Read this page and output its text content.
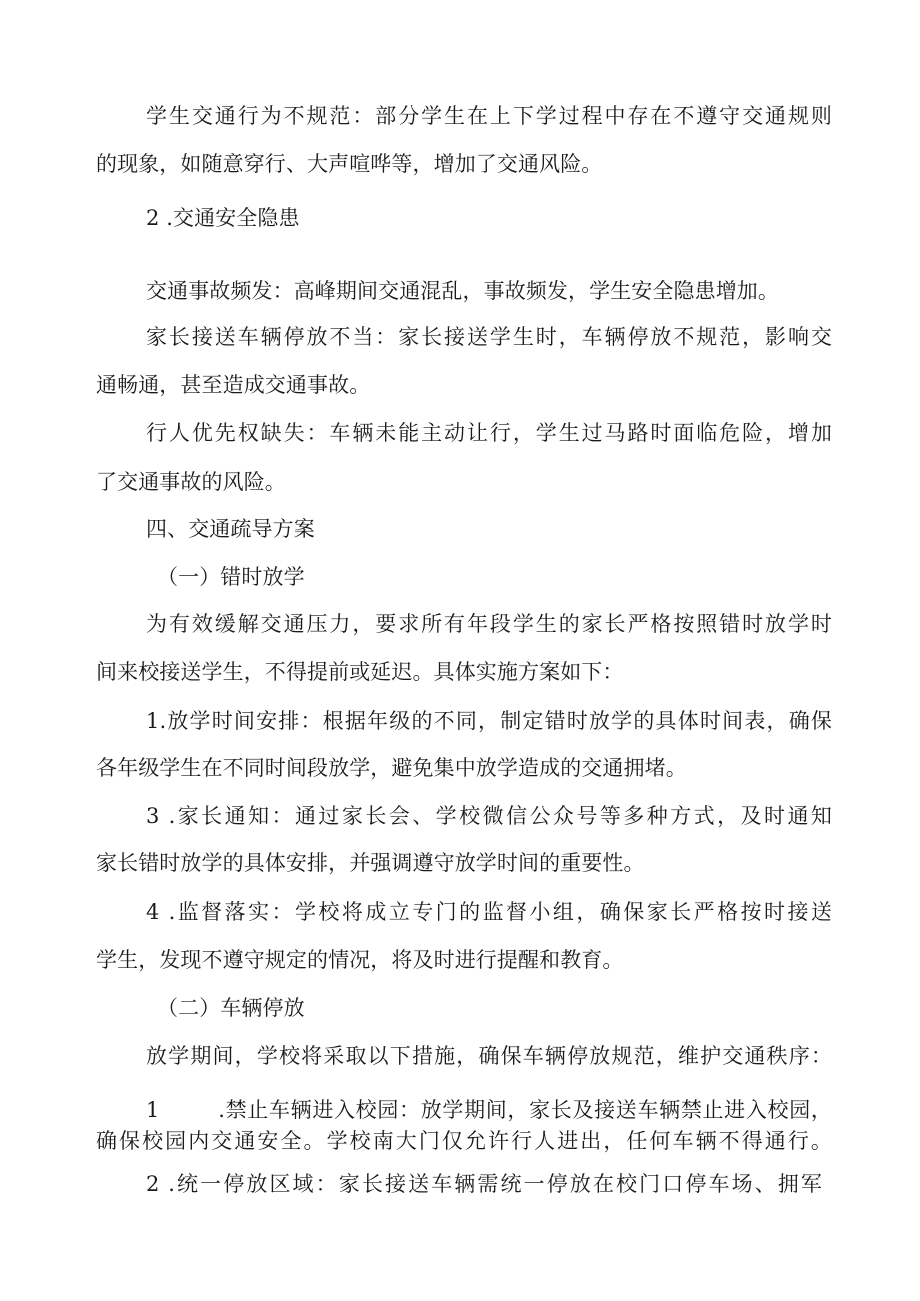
学生交通行为不规范：部分学生在上下学过程中存在不遵守交通规则
的现象，如随意穿行、大声喧哗等，增加了交通风险。
2 .交通安全隐患
交通事故频发：高峰期间交通混乱，事故频发，学生安全隐患增加。
家长接送车辆停放不当：家长接送学生时，车辆停放不规范，影响交
通畅通，甚至造成交通事故。
行人优先权缺失：车辆未能主动让行，学生过马路时面临危险，增加
了交通事故的风险。
四、交通疏导方案
（一）错时放学
为有效缓解交通压力，要求所有年段学生的家长严格按照错时放学时
间来校接送学生，不得提前或延迟。具体实施方案如下：
1.放学时间安排：根据年级的不同，制定错时放学的具体时间表，确保
各年级学生在不同时间段放学，避免集中放学造成的交通拥堵。
3 .家长通知：通过家长会、学校微信公众号等多种方式，及时通知
家长错时放学的具体安排，并强调遵守放学时间的重要性。
4 .监督落实：学校将成立专门的监督小组，确保家长严格按时接送
学生，发现不遵守规定的情况，将及时进行提醒和教育。
（二）车辆停放
放学期间，学校将采取以下措施，确保车辆停放规范，维护交通秩序：
1        .禁止车辆进入校园：放学期间，家长及接送车辆禁止进入校园，
确保校园内交通安全。学校南大门仅允许行人进出，任何车辆不得通行。
2 .统一停放区域：家长接送车辆需统一停放在校门口停车场、拥军
